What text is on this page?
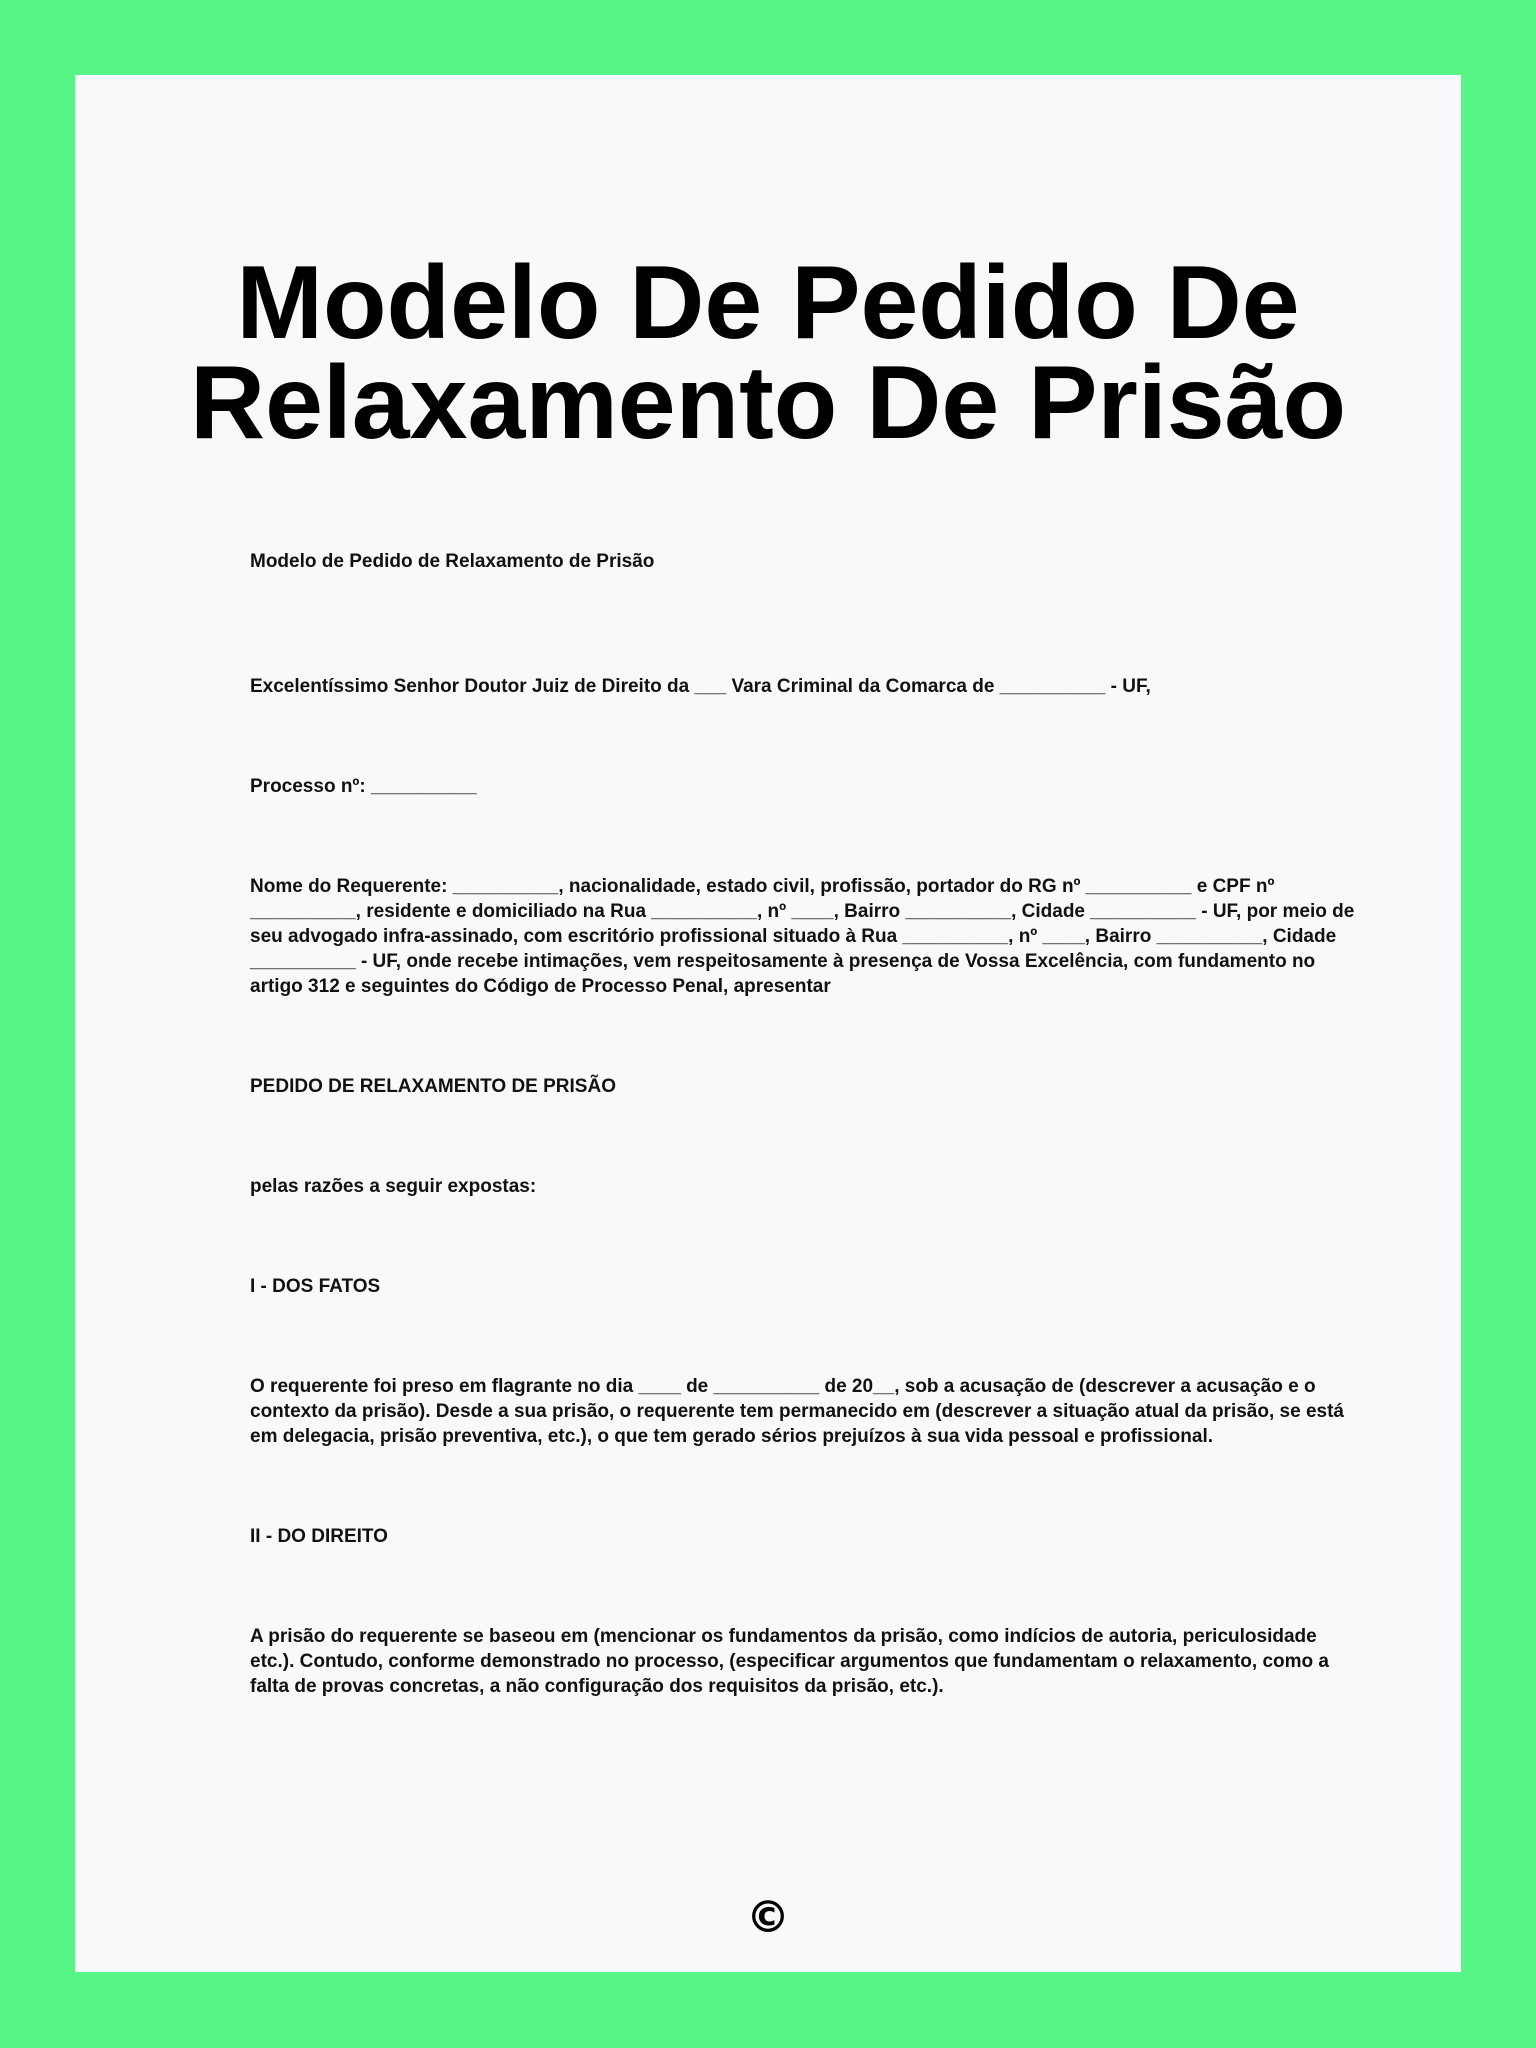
Modelo De Pedido De
Relaxamento De Prisão

Modelo de Pedido de Relaxamento de Prisão

Excelentíssimo Senhor Doutor Juiz de Direito da ___ Vara Criminal da Comarca de __________ - UF,

Processo nº: __________

Nome do Requerente: __________, nacionalidade, estado civil, profissão, portador do RG nº __________ e CPF nº __________, residente e domiciliado na Rua __________, nº ____, Bairro __________, Cidade __________ - UF, por meio de seu advogado infra-assinado, com escritório profissional situado à Rua __________, nº ____, Bairro __________, Cidade __________ - UF, onde recebe intimações, vem respeitosamente à presença de Vossa Excelência, com fundamento no artigo 312 e seguintes do Código de Processo Penal, apresentar

PEDIDO DE RELAXAMENTO DE PRISÃO

pelas razões a seguir expostas:

I - DOS FATOS

O requerente foi preso em flagrante no dia ____ de __________ de 20__, sob a acusação de (descrever a acusação e o contexto da prisão). Desde a sua prisão, o requerente tem permanecido em (descrever a situação atual da prisão, se está em delegacia, prisão preventiva, etc.), o que tem gerado sérios prejuízos à sua vida pessoal e profissional.

II - DO DIREITO

A prisão do requerente se baseou em (mencionar os fundamentos da prisão, como indícios de autoria, periculosidade etc.). Contudo, conforme demonstrado no processo, (especificar argumentos que fundamentam o relaxamento, como a falta de provas concretas, a não configuração dos requisitos da prisão, etc.).

©
